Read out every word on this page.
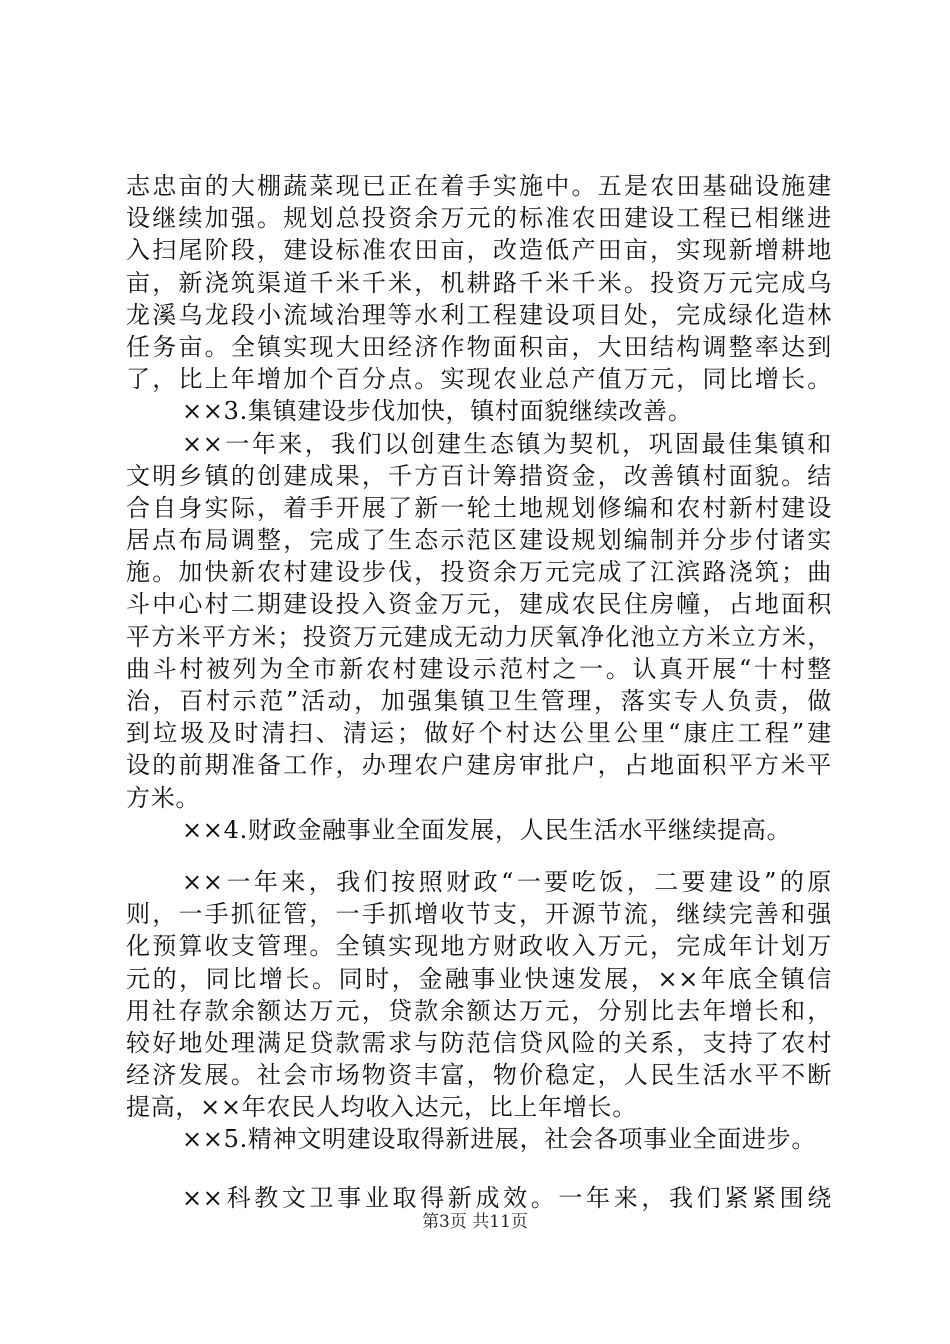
志忠亩的大棚蔬菜现已正在着手实施中。五是农田基础设施建
设继续加强。规划总投资余万元的标准农田建设工程已相继进
入扫尾阶段，建设标准农田亩，改造低产田亩，实现新增耕地
亩，新浇筑渠道千米千米，机耕路千米千米。投资万元完成乌
龙溪乌龙段小流域治理等水利工程建设项目处，完成绿化造林
任务亩。全镇实现大田经济作物面积亩，大田结构调整率达到
了，比上年增加个百分点。实现农业总产值万元，同比增长。
××3.集镇建设步伐加快，镇村面貌继续改善。
××一年来，我们以创建生态镇为契机，巩固最佳集镇和
文明乡镇的创建成果，千方百计筹措资金，改善镇村面貌。结
合自身实际，着手开展了新一轮土地规划修编和农村新村建设
居点布局调整，完成了生态示范区建设规划编制并分步付诸实
施。加快新农村建设步伐，投资余万元完成了江滨路浇筑；曲
斗中心村二期建设投入资金万元，建成农民住房幢，占地面积
平方米平方米；投资万元建成无动力厌氧净化池立方米立方米，
曲斗村被列为全市新农村建设示范村之一。认真开展“十村整
治，百村示范”活动，加强集镇卫生管理，落实专人负责，做
到垃圾及时清扫、清运；做好个村达公里公里“康庄工程”建
设的前期准备工作，办理农户建房审批户，占地面积平方米平
方米。
××4.财政金融事业全面发展，人民生活水平继续提高。
××一年来，我们按照财政“一要吃饭，二要建设”的原
则，一手抓征管，一手抓增收节支，开源节流，继续完善和强
化预算收支管理。全镇实现地方财政收入万元，完成年计划万
元的，同比增长。同时，金融事业快速发展，××年底全镇信
用社存款余额达万元，贷款余额达万元，分别比去年增长和，
较好地处理满足贷款需求与防范信贷风险的关系，支持了农村
经济发展。社会市场物资丰富，物价稳定，人民生活水平不断
提高，××年农民人均收入达元，比上年增长。
××5.精神文明建设取得新进展，社会各项事业全面进步。
××科教文卫事业取得新成效。一年来，我们紧紧围绕
第3页 共11页
